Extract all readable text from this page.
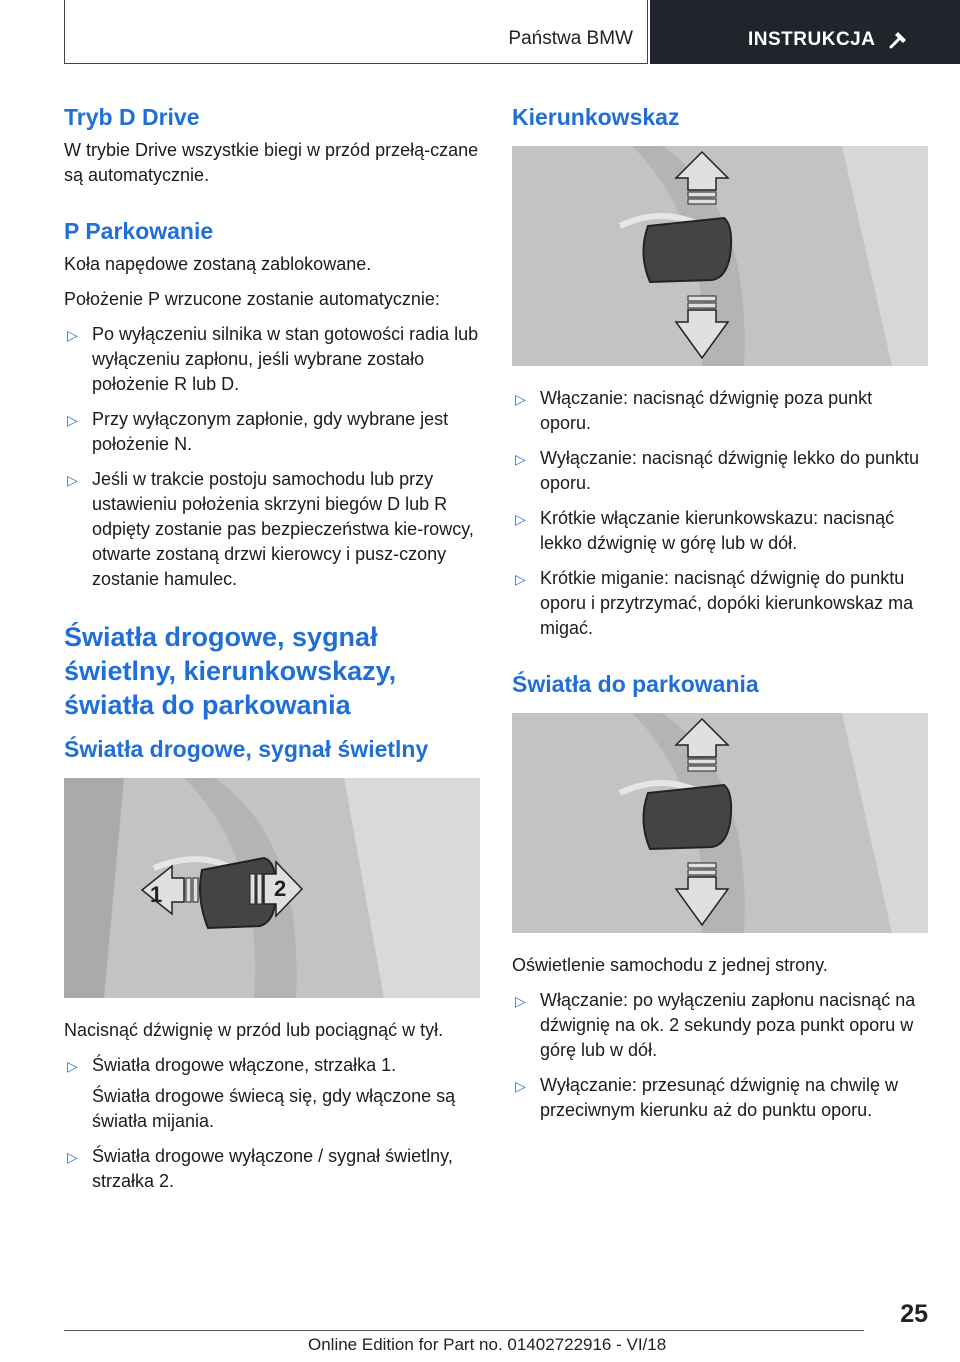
Państwa BMW	INSTRUKCJA
Tryb D Drive

W trybie Drive wszystkie biegi w przód przełą-czane są automatycznie.

P Parkowanie

Koła napędowe zostaną zablokowane.

Położenie P wrzucone zostanie automatycznie:

▷ Po wyłączeniu silnika w stan gotowości radia lub wyłączeniu zapłonu, jeśli wybrane zostało położenie R lub D.
▷ Przy wyłączonym zapłonie, gdy wybrane jest położenie N.
▷ Jeśli w trakcie postoju samochodu lub przy ustawieniu położenia skrzyni biegów D lub R odpięty zostanie pas bezpieczeństwa kie-rowcy, otwarte zostaną drzwi kierowcy i pusz-czony zostanie hamulec.
Światła drogowe, sygnał świetlny, kierunkowskazy, światła do parkowania
Światła drogowe, sygnał świetlny
1	2

Nacisnąć dźwignię w przód lub pociągnąć w tył.

▷ Światła drogowe włączone, strzałka 1.

Światła drogowe świecą się, gdy włączone są światła mijania.

▷ Światła drogowe wyłączone / sygnał świetlny, strzałka 2.
Kierunkowskaz
▷ Włączanie: nacisnąć dźwignię poza punkt oporu.
▷ Wyłączanie: nacisnąć dźwignię lekko do punktu oporu.
▷ Krótkie włączanie kierunkowskazu: nacisnąć lekko dźwignię w górę lub w dół.
▷ Krótkie miganie: nacisnąć dźwignię do punktu oporu i przytrzymać, dopóki kierunkowskaz ma migać.
Światła do parkowania

Oświetlenie samochodu z jednej strony.

▷ Włączanie: po wyłączeniu zapłonu nacisnąć na dźwignię na ok. 2 sekundy poza punkt oporu w górę lub w dół.
▷ Wyłączanie: przesunąć dźwignię na chwilę w przeciwnym kierunku aż do punktu oporu.
25
Online Edition for Part no. 01402722916 - VI/18
